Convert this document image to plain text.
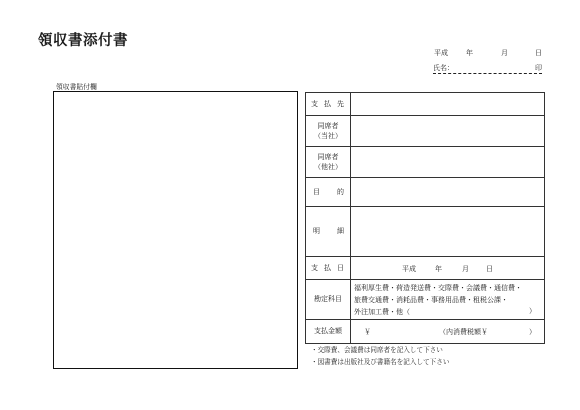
領収書添付書
平成	年	月	日
氏名：	印
領収書貼付欄
支 払 先	

同席者
（当社）	

同席者
（他社）	

目 的	

明 細	

支 払 日	平成 年 月 日

勘定科目	福利厚生費・荷造発送費・交際費・会議費・通信費・
旅費交通費・消耗品費・事務用品費・租税公課・
外注加工費・他（ ）

支払金額	￥ （内消費税額￥ ）
・交際費、会議費は同席者を記入して下さい
・図書費は出版社及び書籍名を記入して下さい
